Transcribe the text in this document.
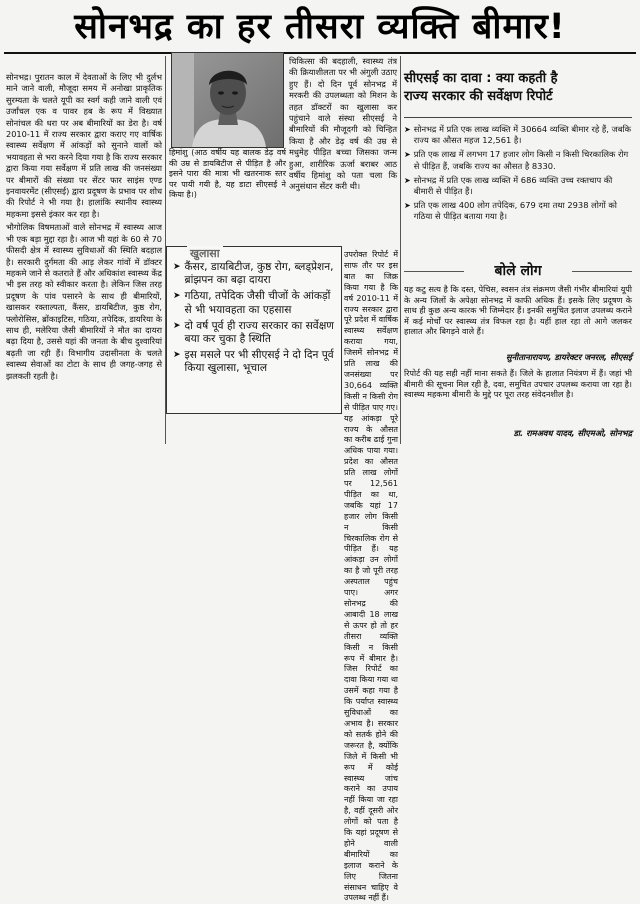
सोनभद्र का हर तीसरा व्यक्ति बीमार!

सोनभद्र। पुरातन काल में देवताओं के लिए भी दुर्लभ माने जाने वाली, मौजूदा समय में अनोखा प्राकृतिक सुरम्यता के चलते यूपी का स्वर्ग कही जाने वाली एवं उर्जांचल एक व पावर हब के रूप में विख्यात सोनांचल की धरा पर अब बीमारियों का डेरा है। वर्ष 2010-11 में राज्य सरकार द्वारा कराए गए वार्षिक स्वास्थ्य सर्वेक्षण में आंकड़ों को सुनाने वालों को भयावहता से भरा करने दिया गया है कि राज्य सरकार द्वारा किया गया सर्वेक्षण में प्रति लाख की जनसंख्या पर बीमारों की संख्या पर सेंटर फार साइंस एण्ड इनवायरमेंट (सीएसई) द्वारा प्रदूषण के प्रभाव पर शोध की रिपोर्ट ने भी गया है। हालांकि स्थानीय स्वास्थ्य महकमा इससे इंकार कर रहा है।

भौगोलिक विषमताओं वाले सोनभद्र में स्वास्थ्य आज भी एक बड़ा मुद्दा रहा है। आज भी यहां के 60 से 70 फीसदी क्षेत्र में स्वास्थ्य सुविधाओं की स्थिति बदहाल है। सरकारी दुर्गमता की आड़ लेकर गांवों में डॉक्टर महकमे जाने से कतराते हैं और अधिकांश स्वास्थ्य केंद्र भी इस तरह को स्वीकार करता है। लेकिन जिस तरह प्रदूषण के पांव पसारने के साथ ही बीमारियों, खासकर रक्ताल्पता, कैंसर, डायबिटीज, कुष्ठ रोग, फ्लोरोसिस, ब्रोंकाइटिस, गठिया, तपेदिक, डायरिया के साथ ही, मलेरिया जैसी बीमारियों ने मौत का दायरा बढ़ा दिया है, उससे यहां की जनता के बीच दुश्वारियां बढ़ती जा रही हैं। विभागीय उदासीनता के चलते स्वास्थ्य सेवाओं का टोटा के साथ ही जगह-जगह से झलकती रहती है।

हिमांशु (आठ वर्षीय यह बालक डेढ़ वर्ष की उम्र से डायबिटीज से पीड़ित है और इसने पारा की मात्रा भी खतरनाक स्तर पर पायी गयी है, यह डाटा सीएसई ने किया है।)

चिकित्सा की बदहाली, स्वास्थ्य तंत्र की क्रियाशीलता पर भी अंगुली उठाए हुए हैं। दो दिन पूर्व सोनभद्र में मरकरी की उपलब्धता को मिशन के तहत डॉक्टरों का खुलासा कर पहुंचाने वाले संस्था सीएसई ने बीमारियों की मौजूदगी को चिन्हित किया है और डेढ़ वर्ष की उम्र से मधुमेह पीड़ित बच्चा जिसका जन्म हुआ, शारीरिक ऊर्जा बराबर आठ वर्षीय हिमांशु को पता चला कि अनुसंधान सेंटर करी थी।

उपरोक्त रिपोर्ट में साफ तौर पर इस बात का जिक्र किया गया है कि वर्ष 2010-11 में राज्य सरकार द्वारा पूरे प्रदेश में वार्षिक स्वास्थ्य सर्वेक्षण कराया गया, जिसमें सोनभद्र में प्रति लाख की जनसंख्या पर 30,664 व्यक्ति किसी न किसी रोग से पीड़ित पाए गए। यह आंकड़ा पूरे राज्य के औसत का करीब ढाई गुना अधिक पाया गया। प्रदेश का औसत प्रति लाख लोगों पर 12,561 पीड़ित का था, जबकि यहां 17 हजार लोग किसी न किसी चिरकालिक रोग से पीड़ित हैं। यह आंकड़ा उन लोगों का है जो पूरी तरह अस्पताल पहुंच पाए। अगर सोनभद्र की आबादी 18 लाख से ऊपर हो तो हर तीसरा व्यक्ति किसी न किसी रूप में बीमार है। जिस रिपोर्ट का दावा किया गया था उसमें कहा गया है कि पर्याप्त स्वास्थ्य सुविधाओं का अभाव है। सरकार को सतर्क होने की जरूरत है, क्योंकि जिले में किसी भी रूप में कोई स्वास्थ्य जांच कराने का उपाय नहीं किया जा रहा है, वहीं दूसरी ओर लोगों को पता है कि यहां प्रदूषण से होने वाली बीमारियों का इलाज कराने के लिए जितना संसाधन चाहिए वे उपलब्ध नहीं हैं।

खुलासा
➤ कैंसर, डायबिटीज, कुष्ठ रोग, ब्लड्प्रेशन, ब्रांझपन का बढ़ा दायरा
➤ गठिया, तपेदिक जैसी चीजों के आंकड़ों से भी भयावहता का एहसास
➤ दो वर्ष पूर्व ही राज्य सरकार का सर्वेक्षण बया कर चुका है स्थिति
➤ इस मसले पर भी सीएसई ने दो दिन पूर्व किया खुलासा, भूचाल
सीएसई का दावा : क्या कहती है
राज्य सरकार की सर्वेक्षण रिपोर्ट
➤ सोनभद्र में प्रति एक लाख व्यक्ति में 30664 व्यक्ति बीमार रहे हैं, जबकि राज्य का औसत महज 12,561 है।
➤ प्रति एक लाख में लगभग 17 हजार लोग किसी न किसी चिरकालिक रोग से पीड़ित हैं, जबकि राज्य का औसत है 8330.
➤ सोनभद्र में प्रति एक लाख व्यक्ति में 686 व्यक्ति उच्च रक्तचाप की बीमारी से पीड़ित हैं।
➤ प्रति एक लाख 400 लोग तपेदिक, 679 दमा तथा 2938 लोगों को गठिया से पीड़ित बताया गया है।
बोले लोग
यह कटु सत्य है कि दस्त, पेचिस, स्वसन तंत्र संक्रमण जैसी गंभीर बीमारियां यूपी के अन्य जिलों के अपेक्षा सोनभद्र में काफी अधिक हैं। इसके लिए प्रदूषण के साथ ही कुछ अन्य कारक भी जिम्मेदार हैं। इनकी समुचित इलाज उपलब्ध कराने में कई मोर्चों पर स्वास्थ्य तंत्र विफल रहा है। यहीं हाल रहा तो आगे जलकर हालात और बिगड़ने वाले हैं।
सुनीतानारायण, डायरेक्टर जनरल, सीएसई
रिपोर्ट की यह सही नहीं माना सकते हैं। जिले के हालात नियंत्रण में हैं। जहां भी बीमारी की सूचना मिल रही है, दवा, समुचित उपचार उपलब्ध कराया जा रहा है। स्वास्थ्य महकमा बीमारी के मुद्दे पर पूरा तरह संवेदनशील है।
डा. रामअवध यादव, सीएमओ, सोनभद्र
